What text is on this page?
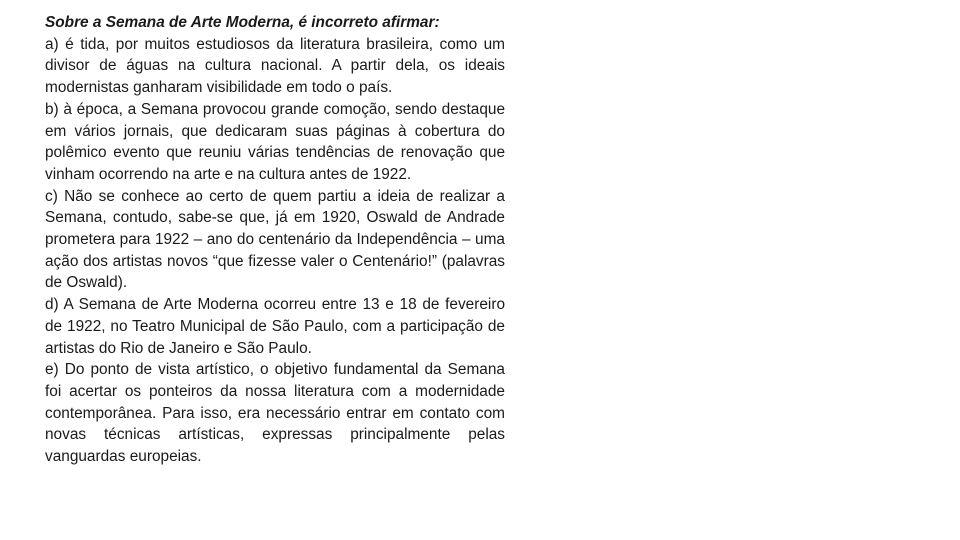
Sobre a Semana de Arte Moderna, é incorreto afirmar:

a) é tida, por muitos estudiosos da literatura brasileira, como um divisor de águas na cultura nacional. A partir dela, os ideais modernistas ganharam visibilidade em todo o país.

b) à época, a Semana provocou grande comoção, sendo destaque em vários jornais, que dedicaram suas páginas à cobertura do polêmico evento que reuniu várias tendências de renovação que vinham ocorrendo na arte e na cultura antes de 1922.

c) Não se conhece ao certo de quem partiu a ideia de realizar a Semana, contudo, sabe-se que, já em 1920, Oswald de Andrade prometera para 1922 – ano do centenário da Independência – uma ação dos artistas novos “que fizesse valer o Centenário!” (palavras de Oswald).

d) A Semana de Arte Moderna ocorreu entre 13 e 18 de fevereiro de 1922, no Teatro Municipal de São Paulo, com a participação de artistas do Rio de Janeiro e São Paulo.

e) Do ponto de vista artístico, o objetivo fundamental da Semana foi acertar os ponteiros da nossa literatura com a modernidade contemporânea. Para isso, era necessário entrar em contato com novas técnicas artísticas, expressas principalmente pelas vanguardas europeias.
